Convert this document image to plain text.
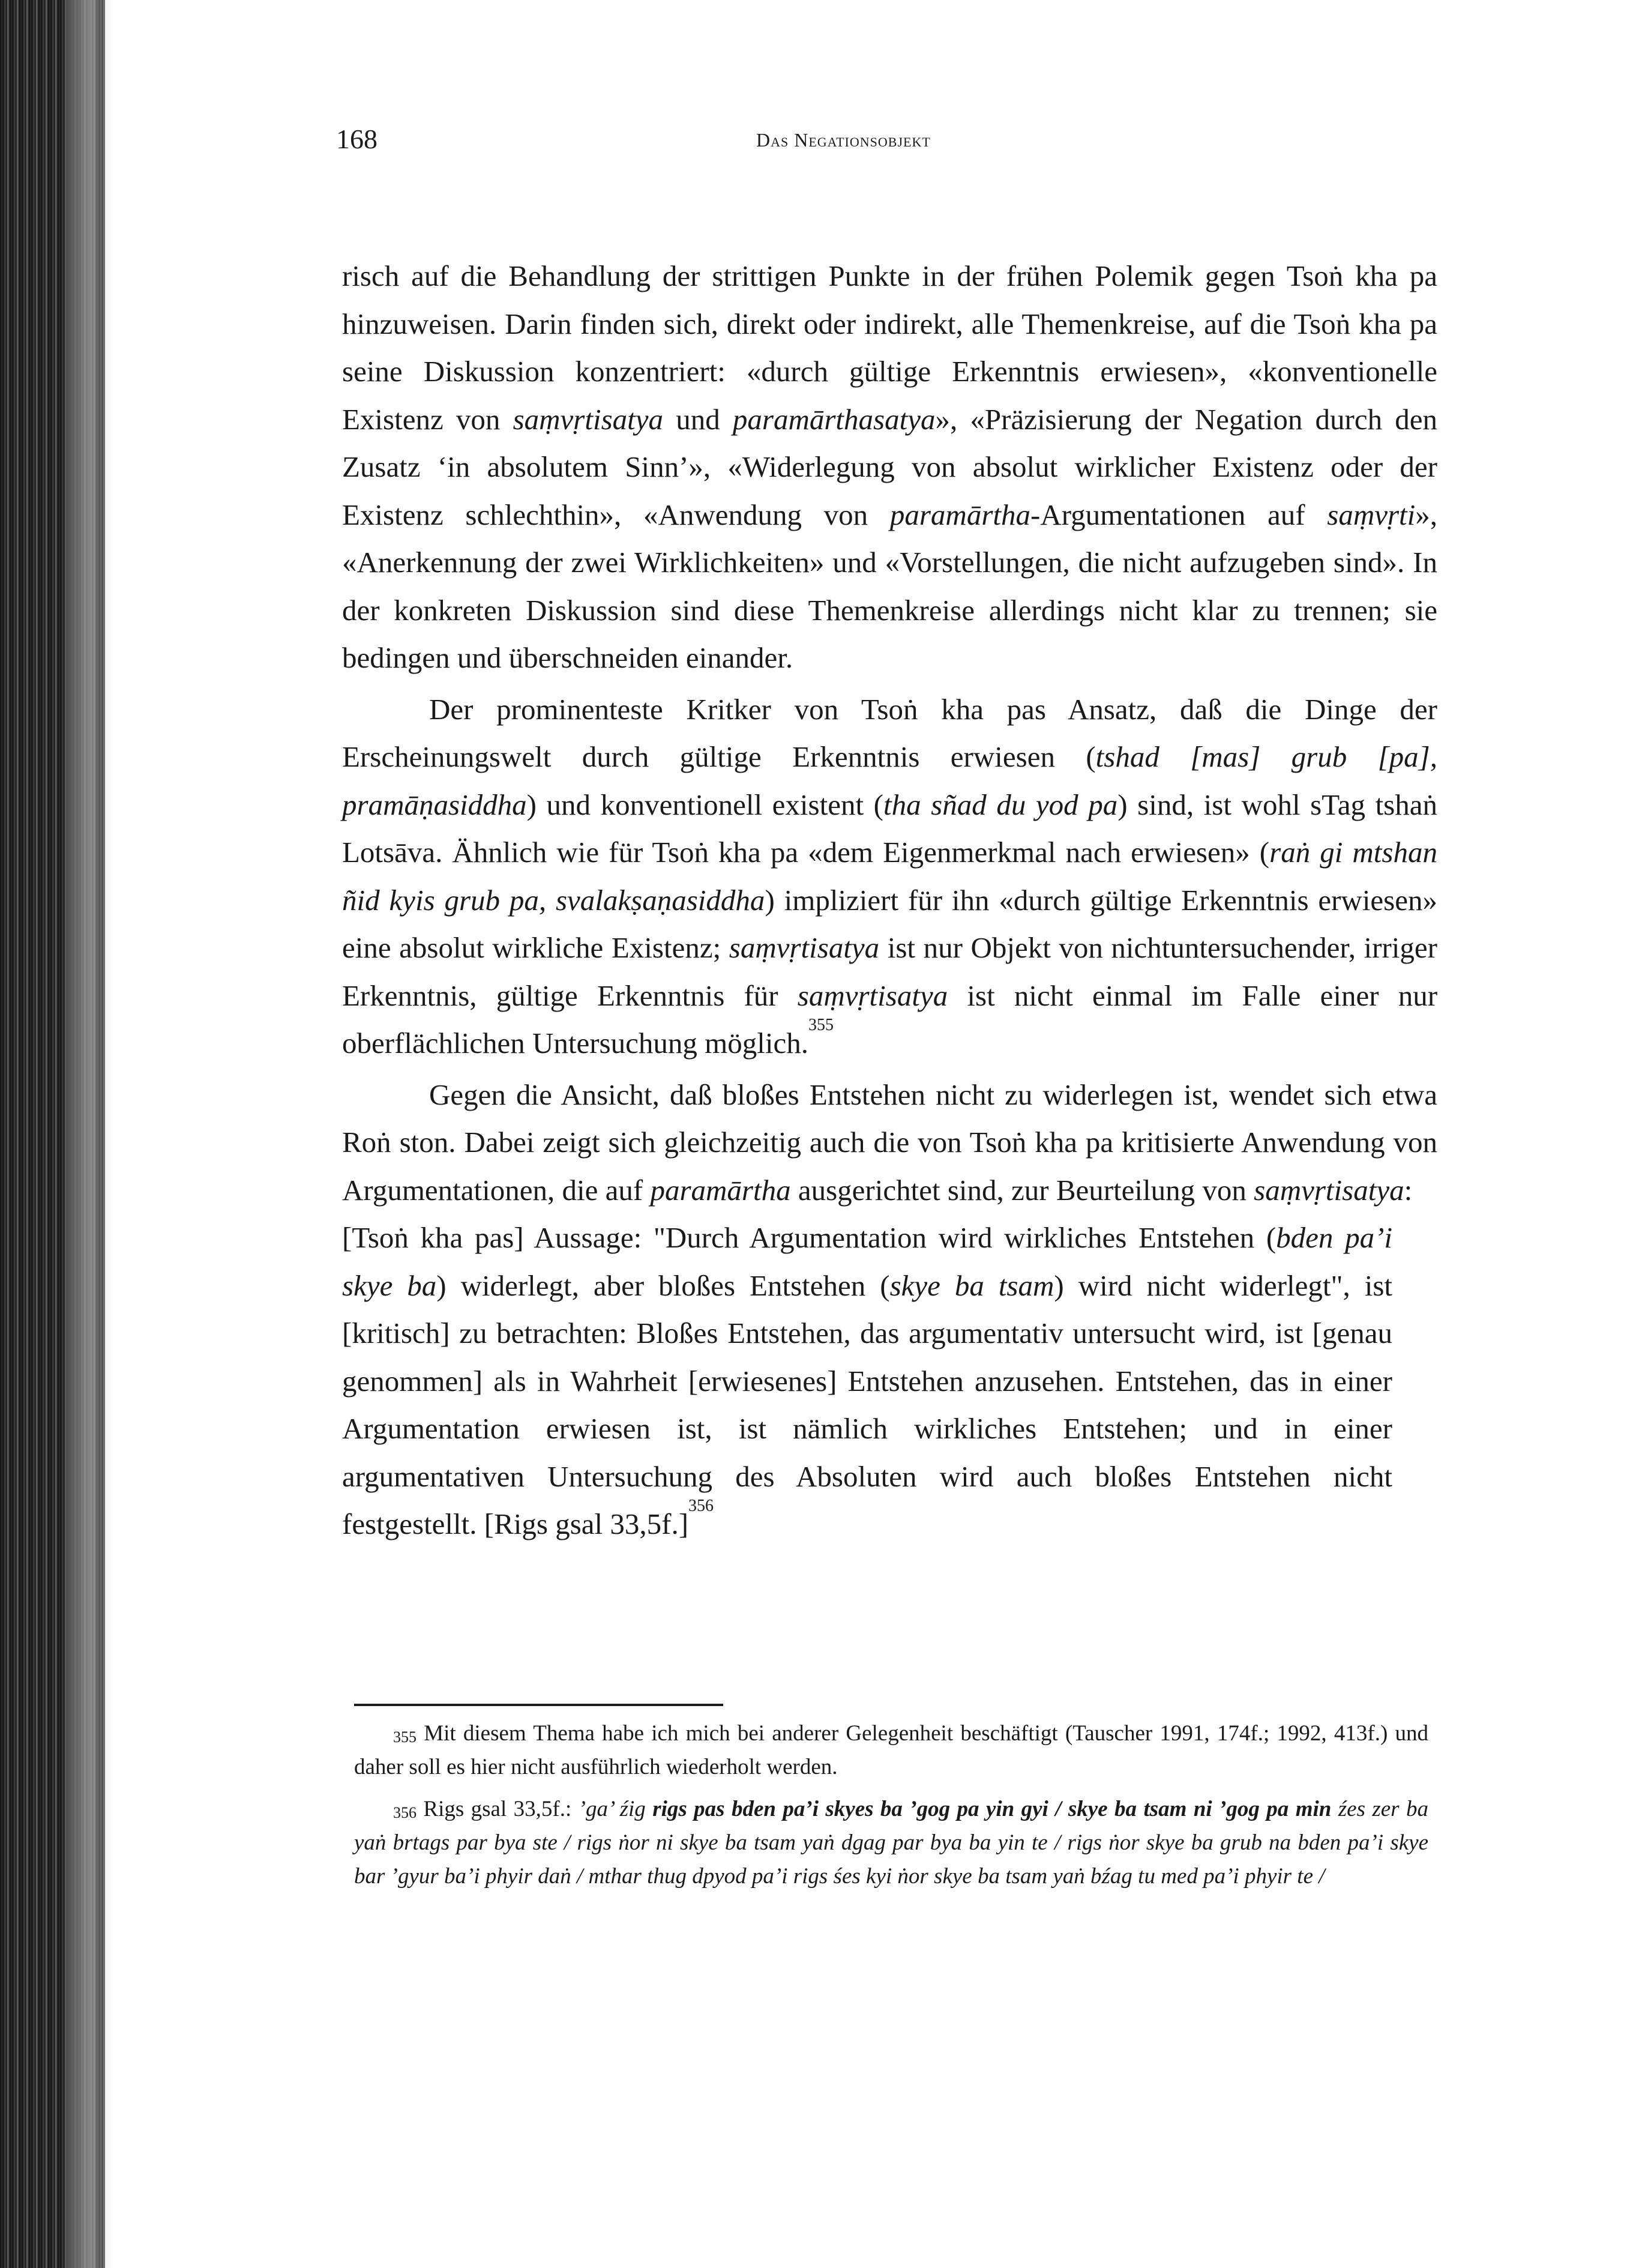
168	Das Negationsobjekt

risch auf die Behandlung der strittigen Punkte in der frühen Polemik gegen Tsoṅ kha pa hinzuweisen. Darin finden sich, direkt oder indirekt, alle Themenkreise, auf die Tsoṅ kha pa seine Diskussion konzentriert: «durch gültige Erkenntnis erwiesen», «konventionelle Existenz von saṃvṛtisatya und paramārthasatya», «Präzisierung der Negation durch den Zusatz ‘in absolutem Sinn’», «Widerlegung von absolut wirklicher Existenz oder der Existenz schlechthin», «Anwendung von paramārtha-Argumentationen auf saṃvṛti», «Anerkennung der zwei Wirklichkeiten» und «Vorstellungen, die nicht aufzugeben sind». In der konkreten Diskussion sind diese Themenkreise allerdings nicht klar zu trennen; sie bedingen und überschneiden einander.

Der prominenteste Kritker von Tsoṅ kha pas Ansatz, daß die Dinge der Erscheinungswelt durch gültige Erkenntnis erwiesen (tshad [mas] grub [pa], pramāṇasiddha) und konventionell existent (tha sñad du yod pa) sind, ist wohl sTag tshaṅ Lotsāva. Ähnlich wie für Tsoṅ kha pa «dem Eigenmerkmal nach erwiesen» (raṅ gi mtshan ñid kyis grub pa, svalakṣaṇasiddha) impliziert für ihn «durch gültige Erkenntnis erwiesen» eine absolut wirkliche Existenz; saṃvṛtisatya ist nur Objekt von nichtuntersuchender, irriger Erkenntnis, gültige Erkenntnis für saṃvṛtisatya ist nicht einmal im Falle einer nur oberflächlichen Untersuchung möglich.$^{355}$

Gegen die Ansicht, daß bloßes Entstehen nicht zu widerlegen ist, wendet sich etwa Roṅ ston. Dabei zeigt sich gleichzeitig auch die von Tsoṅ kha pa kritisierte Anwendung von Argumentationen, die auf paramārtha ausgerichtet sind, zur Beurteilung von saṃvṛtisatya:

[Tsoṅ kha pas] Aussage: "Durch Argumentation wird wirkliches Entstehen (bden pa’i skye ba) widerlegt, aber bloßes Entstehen (skye ba tsam) wird nicht widerlegt", ist [kritisch] zu betrachten: Bloßes Entstehen, das argumentativ untersucht wird, ist [genau genommen] als in Wahrheit [erwiesenes] Entstehen anzusehen. Entstehen, das in einer Argumentation erwiesen ist, ist nämlich wirkliches Entstehen; und in einer argumentativen Untersuchung des Absoluten wird auch bloßes Entstehen nicht festgestellt. [Rigs gsal 33,5f.]$^{356}$

$^{355}$ Mit diesem Thema habe ich mich bei anderer Gelegenheit beschäftigt (Tauscher 1991, 174f.; 1992, 413f.) und daher soll es hier nicht ausführlich wiederholt werden.

$^{356}$ Rigs gsal 33,5f.: ’ga’ źig rigs pas bden pa’i skyes ba ’gog pa yin gyi / skye ba tsam ni ’gog pa min źes zer ba yaṅ brtags par bya ste / rigs ṅor ni skye ba tsam yaṅ dgag par bya ba yin te / rigs ṅor skye ba grub na bden pa’i skye bar ’gyur ba’i phyir daṅ / mthar thug dpyod pa’i rigs śes kyi ṅor skye ba tsam yaṅ bźag tu med pa’i phyir te /
